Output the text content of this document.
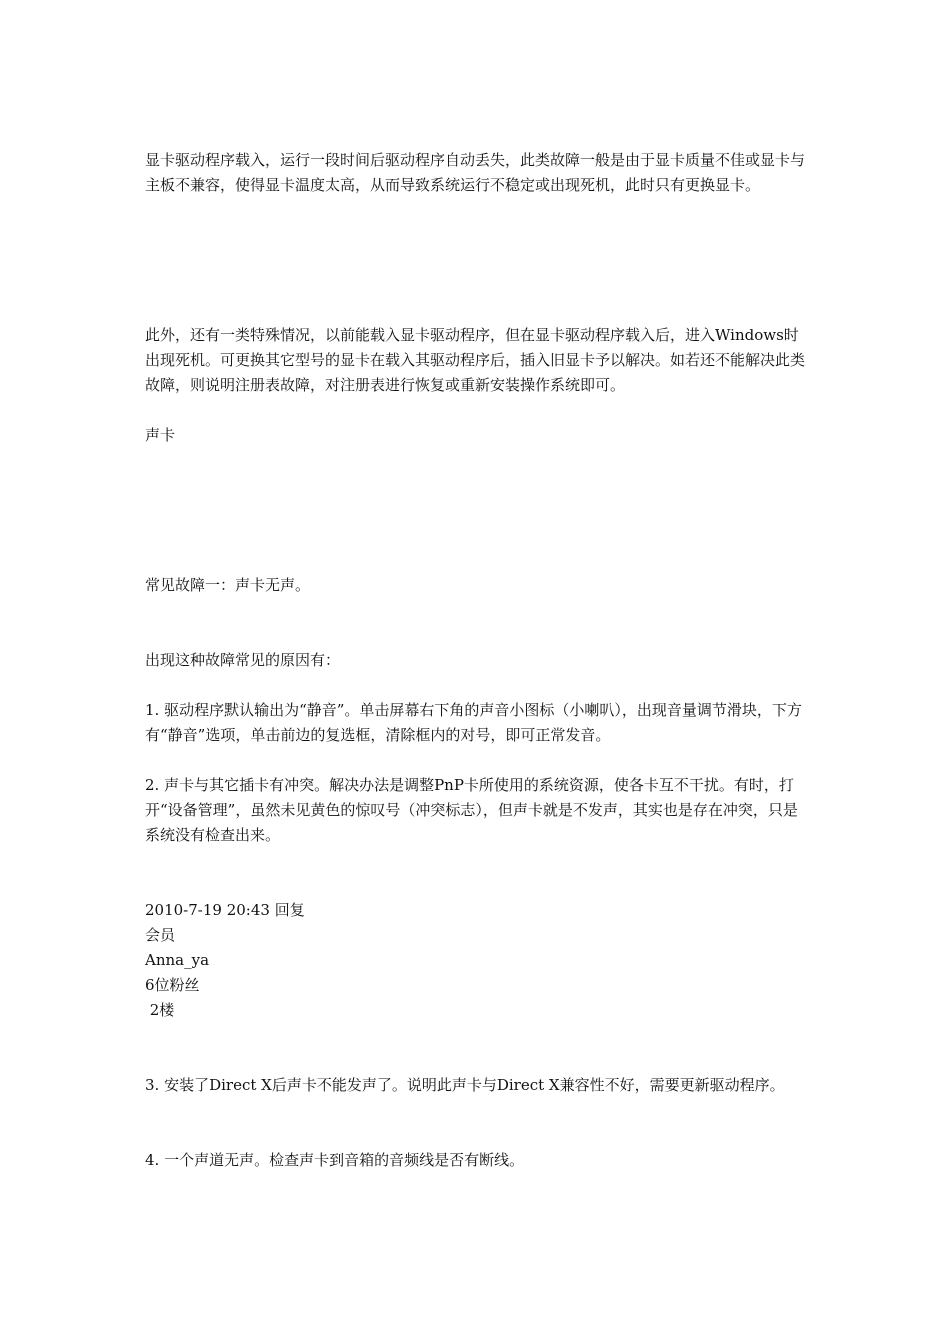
显卡驱动程序载入，运行一段时间后驱动程序自动丢失，此类故障一般是由于显卡质量不佳或显卡与主板不兼容，使得显卡温度太高，从而导致系统运行不稳定或出现死机，此时只有更换显卡。

此外，还有一类特殊情况，以前能载入显卡驱动程序，但在显卡驱动程序载入后，进入Windows时出现死机。可更换其它型号的显卡在载入其驱动程序后，插入旧显卡予以解决。如若还不能解决此类故障，则说明注册表故障，对注册表进行恢复或重新安装操作系统即可。

声卡

常见故障一：声卡无声。

出现这种故障常见的原因有：

1. 驱动程序默认输出为“静音”。单击屏幕右下角的声音小图标（小喇叭），出现音量调节滑块，下方有“静音”选项，单击前边的复选框，清除框内的对号，即可正常发音。

2. 声卡与其它插卡有冲突。解决办法是调整PnP卡所使用的系统资源，使各卡互不干扰。有时，打开“设备管理”，虽然未见黄色的惊叹号（冲突标志），但声卡就是不发声，其实也是存在冲突，只是系统没有检查出来。

2010-7-19 20:43 回复

会员

Anna_ya

6位粉丝

2楼

3. 安装了Direct X后声卡不能发声了。说明此声卡与Direct X兼容性不好，需要更新驱动程序。

4. 一个声道无声。检查声卡到音箱的音频线是否有断线。
